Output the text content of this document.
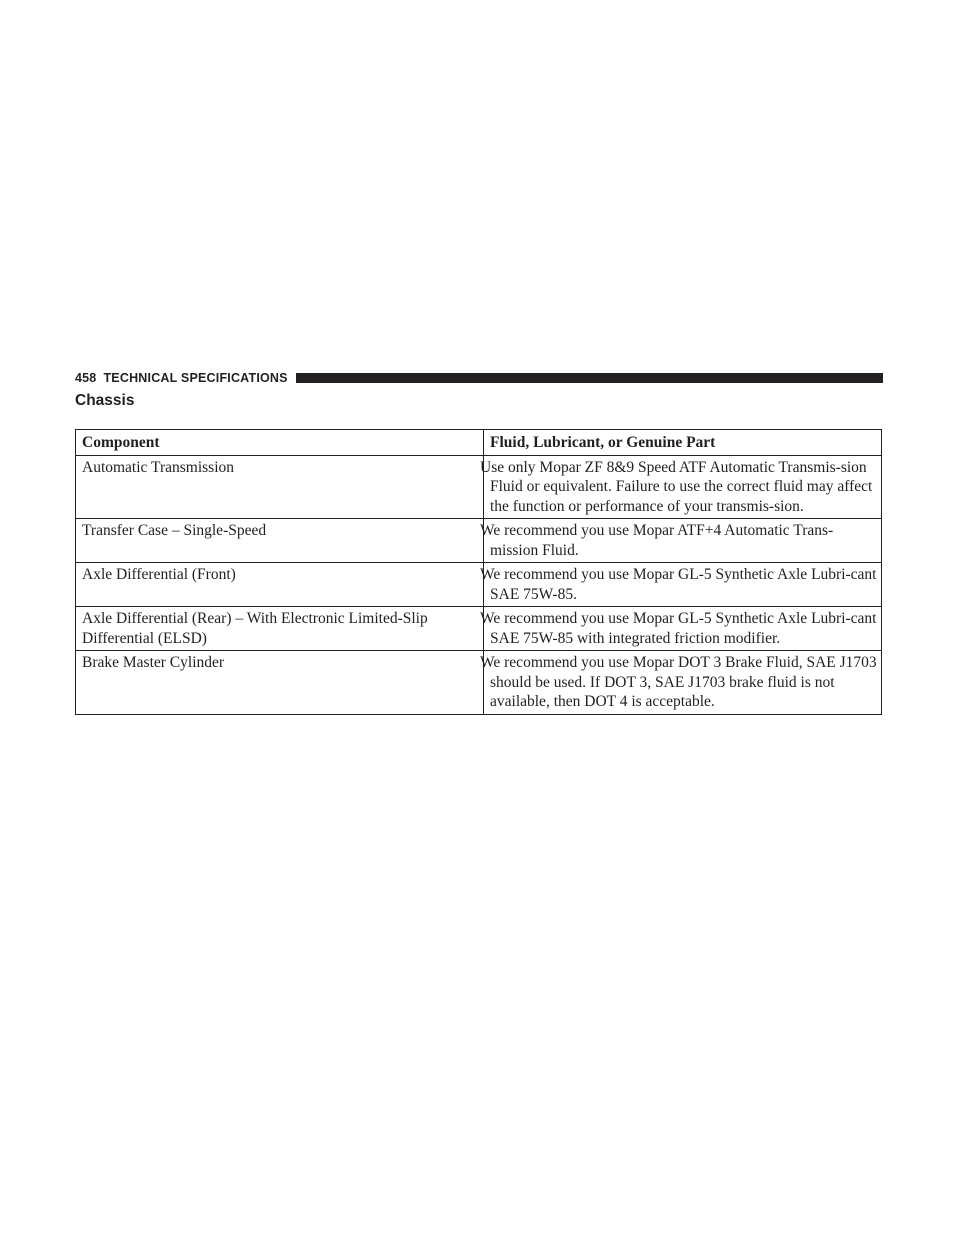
458 TECHNICAL SPECIFICATIONS
Chassis
Component	Fluid, Lubricant, or Genuine Part
Automatic Transmission	Use only Mopar ZF 8&9 Speed ATF Automatic Transmis-sion Fluid or equivalent. Failure to use the correct fluid may affect the function or performance of your transmis-sion.
Transfer Case – Single-Speed	We recommend you use Mopar ATF+4 Automatic Trans-mission Fluid.
Axle Differential (Front)	We recommend you use Mopar GL-5 Synthetic Axle Lubri-cant SAE 75W-85.
Axle Differential (Rear) – With Electronic Limited-Slip Differential (ELSD)	We recommend you use Mopar GL-5 Synthetic Axle Lubri-cant SAE 75W-85 with integrated friction modifier.
Brake Master Cylinder	We recommend you use Mopar DOT 3 Brake Fluid, SAE J1703 should be used. If DOT 3, SAE J1703 brake fluid is not available, then DOT 4 is acceptable.
